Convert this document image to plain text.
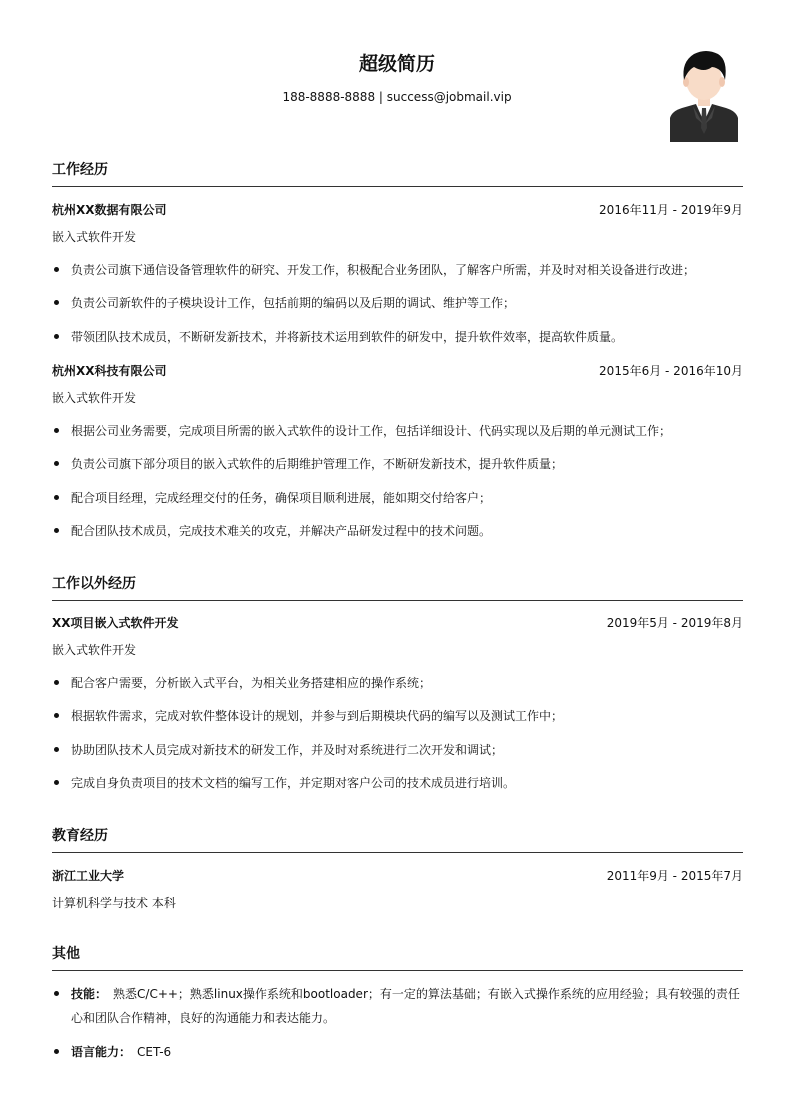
超级简历
188-8888-8888 | success@jobmail.vip
工作经历
杭州XX数据有限公司	2016年11月 - 2019年9月
嵌入式软件开发
负责公司旗下通信设备管理软件的研究、开发工作，积极配合业务团队，了解客户所需，并及时对相关设备进行改进；
负责公司新软件的子模块设计工作，包括前期的编码以及后期的调试、维护等工作；
带领团队技术成员，不断研发新技术，并将新技术运用到软件的研发中，提升软件效率，提高软件质量。
杭州XX科技有限公司	2015年6月 - 2016年10月
嵌入式软件开发
根据公司业务需要，完成项目所需的嵌入式软件的设计工作，包括详细设计、代码实现以及后期的单元测试工作；
负责公司旗下部分项目的嵌入式软件的后期维护管理工作，不断研发新技术，提升软件质量；
配合项目经理，完成经理交付的任务，确保项目顺利进展，能如期交付给客户；
配合团队技术成员，完成技术难关的攻克，并解决产品研发过程中的技术问题。
工作以外经历
XX项目嵌入式软件开发	2019年5月 - 2019年8月
嵌入式软件开发
配合客户需要，分析嵌入式平台，为相关业务搭建相应的操作系统；
根据软件需求，完成对软件整体设计的规划，并参与到后期模块代码的编写以及测试工作中；
协助团队技术人员完成对新技术的研发工作，并及时对系统进行二次开发和调试；
完成自身负责项目的技术文档的编写工作，并定期对客户公司的技术成员进行培训。
教育经历
浙江工业大学	2011年9月 - 2015年7月
计算机科学与技术 本科
其他
技能： 熟悉C/C++；熟悉linux操作系统和bootloader；有一定的算法基础；有嵌入式操作系统的应用经验；具有较强的责任心和团队合作精神，良好的沟通能力和表达能力。
语言能力： CET-6
